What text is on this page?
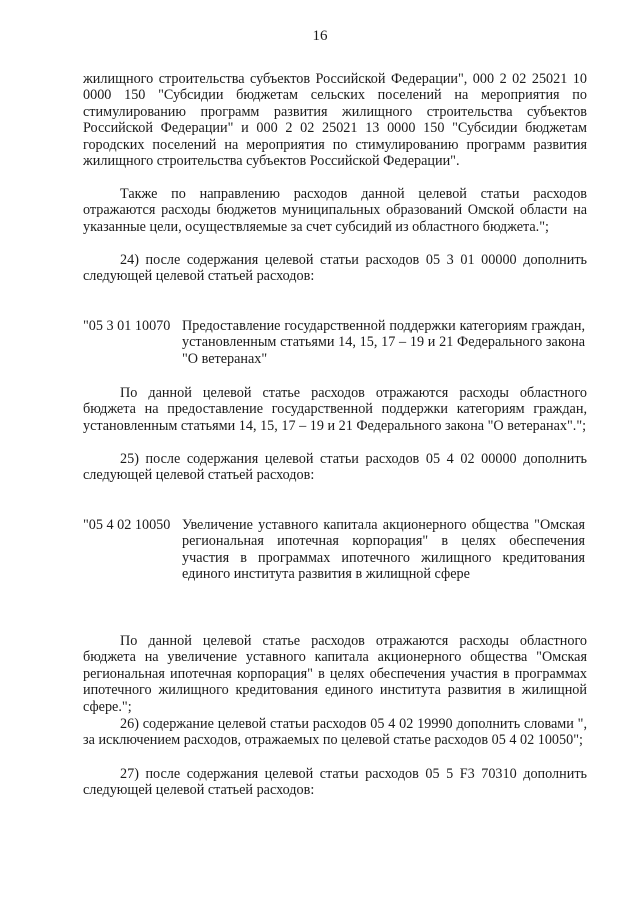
16

жилищного строительства субъектов Российской Федерации", 000 2 02 25021 10 0000 150 "Субсидии бюджетам сельских поселений на мероприятия по стимулированию программ развития жилищного строительства субъектов Российской Федерации" и 000 2 02 25021 13 0000 150 "Субсидии бюджетам городских поселений на мероприятия по стимулированию программ развития жилищного строительства субъектов Российской Федерации".

Также по направлению расходов данной целевой статьи расходов отражаются расходы бюджетов муниципальных образований Омской области на указанные цели, осуществляемые за счет субсидий из областного бюджета.";

24) после содержания целевой статьи расходов 05 3 01 00000 дополнить следующей целевой статьей расходов:

"05 3 01 10070 Предоставление государственной поддержки категориям граждан, установленным статьями 14, 15, 17 – 19 и 21 Федерального закона "О ветеранах"

По данной целевой статье расходов отражаются расходы областного бюджета на предоставление государственной поддержки категориям граждан, установленным статьями 14, 15, 17 – 19 и 21 Федерального закона "О ветеранах".";

25) после содержания целевой статьи расходов 05 4 02 00000 дополнить следующей целевой статьей расходов:

"05 4 02 10050 Увеличение уставного капитала акционерного общества "Омская региональная ипотечная корпорация" в целях обеспечения участия в программах ипотечного жилищного кредитования единого института развития в жилищной сфере

По данной целевой статье расходов отражаются расходы областного бюджета на увеличение уставного капитала акционерного общества "Омская региональная ипотечная корпорация" в целях обеспечения участия в программах ипотечного жилищного кредитования единого института развития в жилищной сфере.";

26) содержание целевой статьи расходов 05 4 02 19990 дополнить словами ", за исключением расходов, отражаемых по целевой статье расходов 05 4 02 10050";

27) после содержания целевой статьи расходов 05 5 F3 70310 дополнить следующей целевой статьей расходов:
